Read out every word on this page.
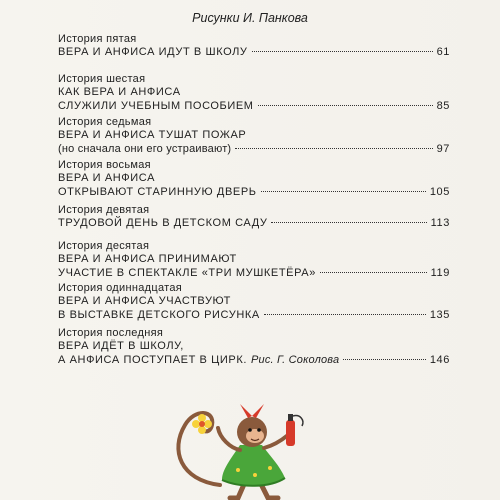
Рисунки И. Панкова
История пятая
ВЕРА И АНФИСА ИДУТ В ШКОЛУ	61
История шестая
КАК ВЕРА И АНФИСА
СЛУЖИЛИ УЧЕБНЫМ ПОСОБИЕМ	85
История седьмая
ВЕРА И АНФИСА ТУШАТ ПОЖАР
(но сначала они его устраивают)	97
История восьмая
ВЕРА И АНФИСА
ОТКРЫВАЮТ СТАРИННУЮ ДВЕРЬ	105
История девятая
ТРУДОВОЙ ДЕНЬ В ДЕТСКОМ САДУ	113
История десятая
ВЕРА И АНФИСА ПРИНИМАЮТ
УЧАСТИЕ В СПЕКТАКЛЕ «ТРИ МУШКЕТЁРА»	119
История одиннадцатая
ВЕРА И АНФИСА УЧАСТВУЮТ
В ВЫСТАВКЕ ДЕТСКОГО РИСУНКА	135
История последняя
ВЕРА ИДЁТ В ШКОЛУ,
А АНФИСА ПОСТУПАЕТ В ЦИРК. Рис. Г. Соколова	146
